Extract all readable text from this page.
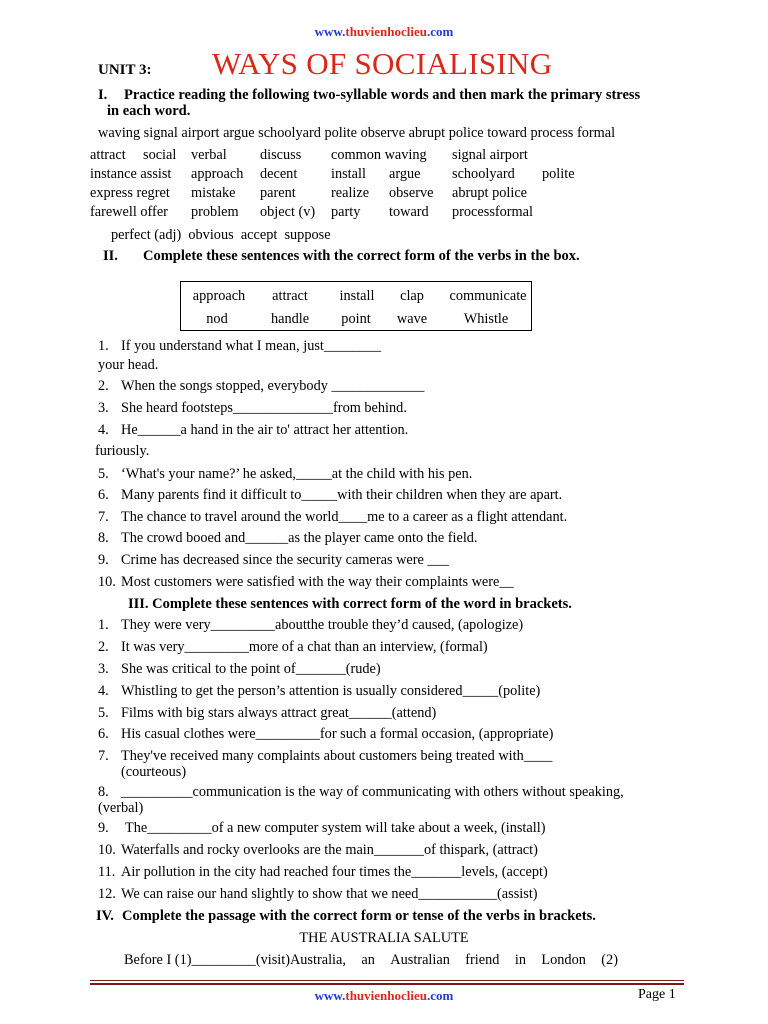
www.thuvienhoclieu.com
UNIT 3: WAYS OF SOCIALISING
I. Practice reading the following two-syllable words and then mark the primary stress
in each word.
waving signal airport argue schoolyard polite observe abrupt police toward process formal
attract social verbal discuss common waving signal airport
instance assist approach decent install argue schoolyard polite
express regret mistake parent realize observe abrupt police
farewell offer problem object (v) party toward processformal
perfect (adj)  obvious  accept  suppose
II. Complete these sentences with the correct form of the verbs in the box.
approach attract install clap communicate
nod	handle point wave	Whistle
1. If you understand what I mean, just________
your head.
2. When the songs stopped, everybody _____________
3. She heard footsteps______________from behind.
4. He______a hand in the air to' attract her attention.
furiously.
5. ‘What's your name?’ he asked,_____at the child with his pen.
6. Many parents find it difficult to_____with their children when they are apart.
7. The chance to travel around the world____me to a career as a flight attendant.
8. The crowd booed and______as the player came onto the field.
9. Crime has decreased since the security cameras were ___
10. Most customers were satisfied with the way their complaints were__
III. Complete these sentences with correct form of the word in brackets.
1. They were very_________aboutthe trouble they’d caused, (apologize)
2. It was very_________more of a chat than an interview, (formal)
3. She was critical to the point of_______(rude)
4. Whistling to get the person’s attention is usually considered_____(polite)
5. Films with big stars always attract great______(attend)
6. His casual clothes were_________for such a formal occasion, (appropriate)
7. They've received many complaints about customers being treated with____
(courteous)
8. __________communication is the way of communicating with others without speaking,
(verbal)
9. The_________of a new computer system will take about a week, (install)
10. Waterfalls and rocky overlooks are the main_______of thispark, (attract)
11. Air pollution in the city had reached four times the_______levels, (accept)
12. We can raise our hand slightly to show that we need___________(assist)
IV. Complete the passage with the correct form or tense of the verbs in brackets.
THE AUSTRALIA SALUTE
Before I (1)_________(visit)Australia, an Australian friend in London (2)
www.thuvienhoclieu.com	Page 1
